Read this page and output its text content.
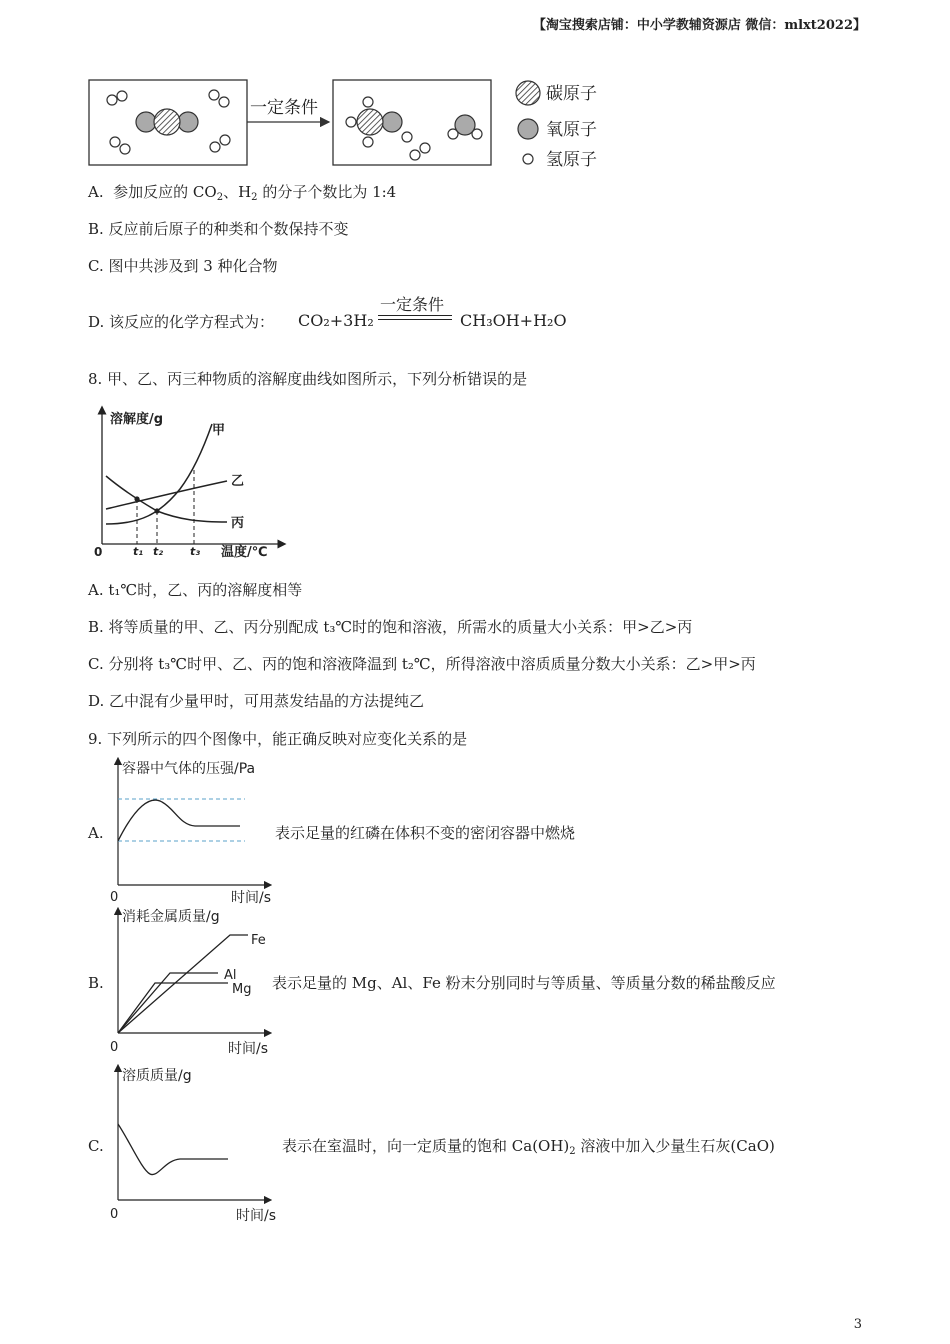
【淘宝搜索店铺：中小学教辅资源店 微信：mlxt2022】
一定条件
碳原子
氧原子
氢原子
A. 参加反应的 $CO_2$、$H_2$ 的分子个数比为 1:4
B. 反应前后原子的种类和个数保持不变
C. 图中共涉及到 3 种化合物
D. 该反应的化学方程式为： CO₂+3H₂
一定条件
CH₃OH+H₂O
8. 甲、乙、丙三种物质的溶解度曲线如图所示，下列分析错误的是
溶解度/g
温度/℃
0
甲
乙
丙
t₁ t₂ t₃
A. t₁℃时，乙、丙的溶解度相等
B. 将等质量的甲、乙、丙分别配成 t₃℃时的饱和溶液，所需水的质量大小关系：甲>乙>丙
C. 分别将 t₃℃时甲、乙、丙的饱和溶液降温到 t₂℃，所得溶液中溶质质量分数大小关系：乙>甲>丙
D. 乙中混有少量甲时，可用蒸发结晶的方法提纯乙
9. 下列所示的四个图像中，能正确反映对应变化关系的是
A.
容器中气体的压强/Pa
时间/s
0
表示足量的红磷在体积不变的密闭容器中燃烧
B.
消耗金属质量/g
时间/s
0
Fe
Al
Mg 表示足量的 Mg、Al、Fe 粉末分别同时与等质量、等质量分数的稀盐酸反应
C.
溶质质量/g
时间/s
0
表示在室温时，向一定质量的饱和 $Ca(OH)_2$ 溶液中加入少量生石灰(CaO)
3
